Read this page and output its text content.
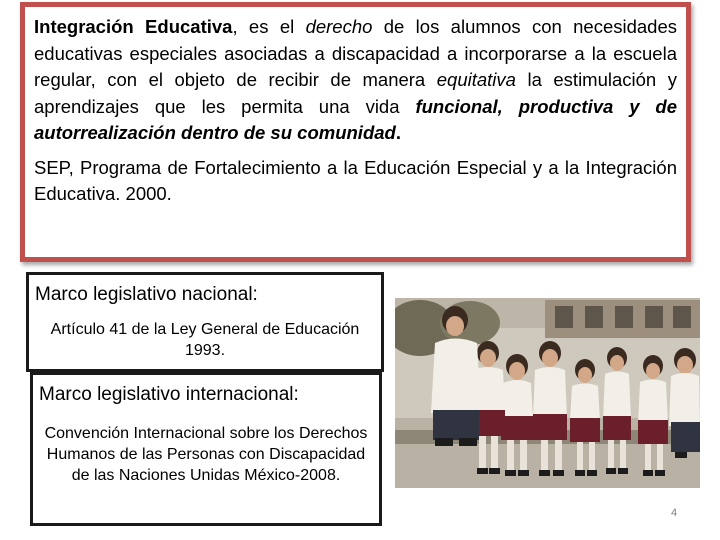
Integración Educativa, es el derecho de los alumnos con necesidades educativas especiales asociadas a discapacidad a incorporarse a la escuela regular, con el objeto de recibir de manera equitativa la estimulación y aprendizajes que les permita una vida funcional, productiva y de autorrealización dentro de su comunidad.

SEP, Programa de Fortalecimiento a la Educación Especial y a la Integración Educativa. 2000.

Marco legislativo nacional:
Artículo 41 de la Ley General de Educación 1993.
Marco legislativo internacional:
Convención Internacional sobre los Derechos Humanos de las Personas con Discapacidad de las Naciones Unidas México-2008.
4
